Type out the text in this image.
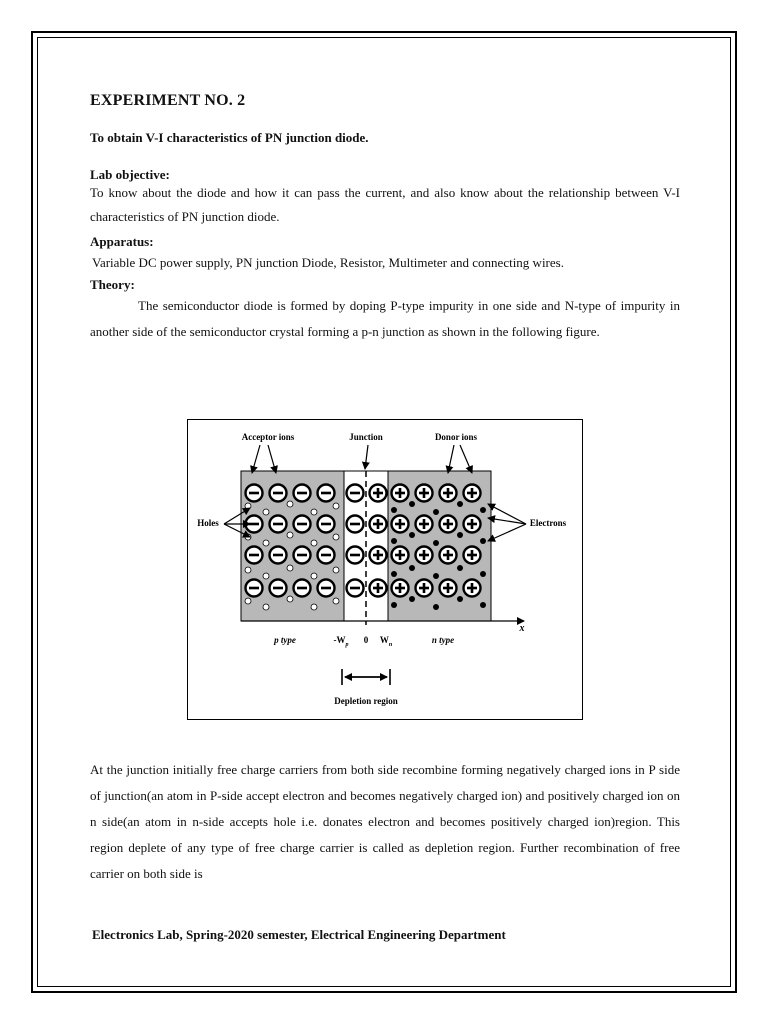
EXPERIMENT NO. 2
To obtain V-I characteristics of PN junction diode.
Lab objective:

To know about the diode and how it can pass the current, and also know about the relationship between V-I characteristics of PN junction diode.

Apparatus:

Variable DC power supply, PN junction Diode, Resistor, Multimeter and connecting wires.

Theory:

The semiconductor diode is formed by doping P-type impurity in one side and N-type of impurity in another side of the semiconductor crystal forming a p-n junction as shown in the following figure.

Acceptor ions	Junction	Donor ions
Holes	Electrons
p type	$-W_p$ 0 $W_n$	n type
x
Depletion region

At the junction initially free charge carriers from both side recombine forming negatively charged ions in P side of junction(an atom in P-side accept electron and becomes negatively charged ion) and positively charged ion on n side(an atom in n-side accepts hole i.e. donates electron and becomes positively charged ion)region. This region deplete of any type of free charge carrier is called as depletion region. Further recombination of free carrier on both side is

Electronics Lab, Spring-2020 semester, Electrical Engineering Department
